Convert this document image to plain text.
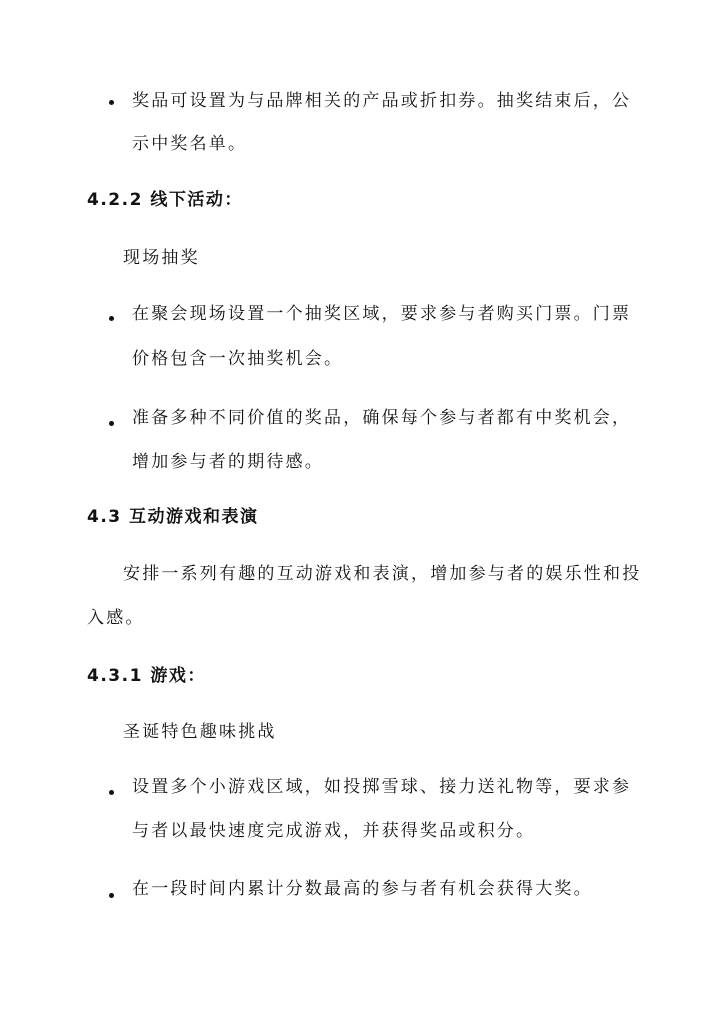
奖品可设置为与品牌相关的产品或折扣券。抽奖结束后，公
示中奖名单。
4.2.2 线下活动：
现场抽奖
在聚会现场设置一个抽奖区域，要求参与者购买门票。门票
价格包含一次抽奖机会。
准备多种不同价值的奖品，确保每个参与者都有中奖机会，
增加参与者的期待感。
4.3 互动游戏和表演
安排一系列有趣的互动游戏和表演，增加参与者的娱乐性和投
入感。
4.3.1 游戏：
圣诞特色趣味挑战
设置多个小游戏区域，如投掷雪球、接力送礼物等，要求参
与者以最快速度完成游戏，并获得奖品或积分。
在一段时间内累计分数最高的参与者有机会获得大奖。
